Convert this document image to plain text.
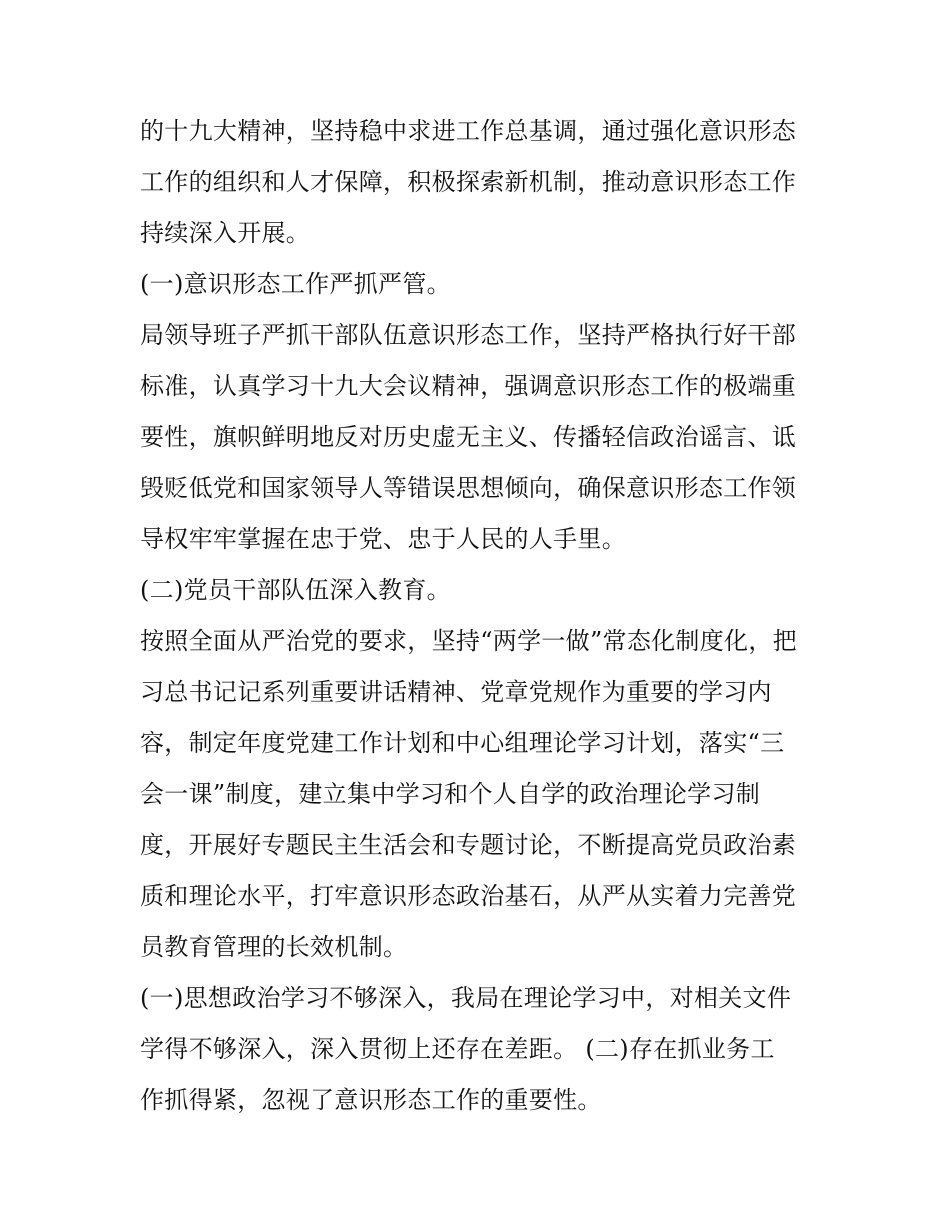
的十九大精神，坚持稳中求进工作总基调，通过强化意识形态
工作的组织和人才保障，积极探索新机制，推动意识形态工作
持续深入开展。
(一)意识形态工作严抓严管。
局领导班子严抓干部队伍意识形态工作，坚持严格执行好干部
标准，认真学习十九大会议精神，强调意识形态工作的极端重
要性，旗帜鲜明地反对历史虚无主义、传播轻信政治谣言、诋
毁贬低党和国家领导人等错误思想倾向，确保意识形态工作领
导权牢牢掌握在忠于党、忠于人民的人手里。
(二)党员干部队伍深入教育。
按照全面从严治党的要求，坚持“两学一做”常态化制度化，把
习总书记记系列重要讲话精神、党章党规作为重要的学习内
容，制定年度党建工作计划和中心组理论学习计划，落实“三
会一课”制度，建立集中学习和个人自学的政治理论学习制
度，开展好专题民主生活会和专题讨论，不断提高党员政治素
质和理论水平，打牢意识形态政治基石，从严从实着力完善党
员教育管理的长效机制。
(一)思想政治学习不够深入，我局在理论学习中，对相关文件
学得不够深入，深入贯彻上还存在差距。 (二)存在抓业务工
作抓得紧，忽视了意识形态工作的重要性。
